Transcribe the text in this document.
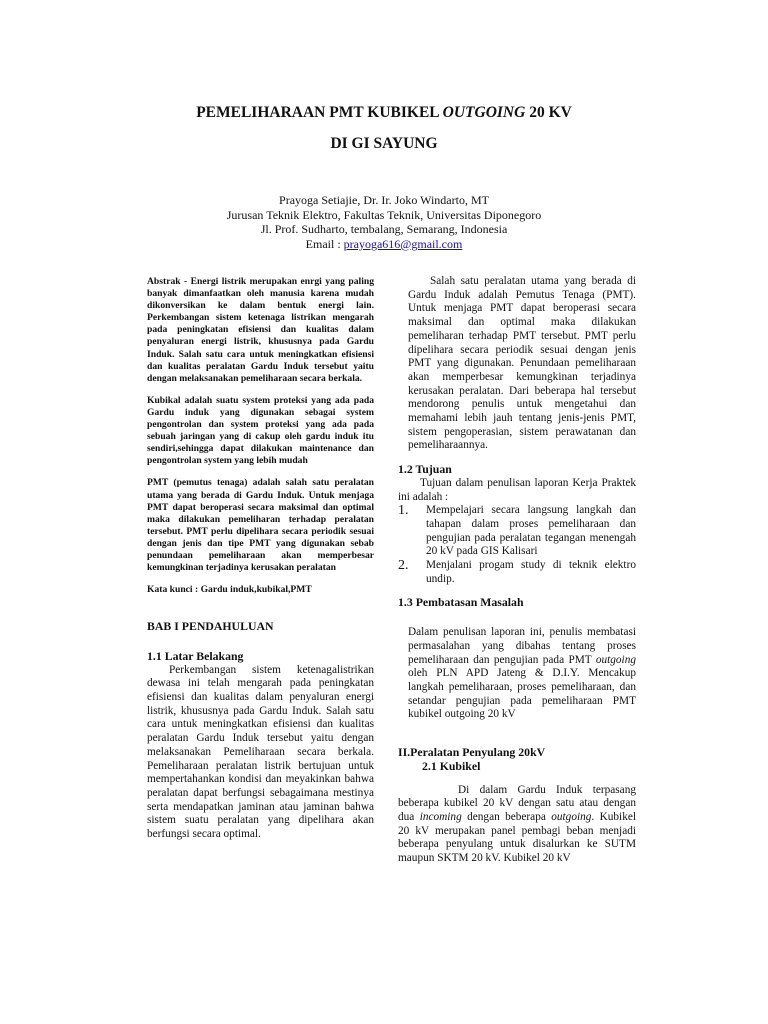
PEMELIHARAAN PMT KUBIKEL OUTGOING 20 KV
DI GI SAYUNG
Prayoga Setiajie, Dr. Ir. Joko Windarto, MT
Jurusan Teknik Elektro, Fakultas Teknik, Universitas Diponegoro
Jl. Prof. Sudharto, tembalang, Semarang, Indonesia
Email : prayoga616@gmail.com

Abstrak - Energi listrik merupakan enrgi yang paling banyak dimanfaatkan oleh manusia karena mudah dikonversikan ke dalam bentuk energi lain. Perkembangan sistem ketenaga listrikan mengarah pada peningkatan efisiensi dan kualitas dalam penyaluran energi listrik, khususnya pada Gardu Induk. Salah satu cara untuk meningkatkan efisiensi dan kualitas peralatan Gardu Induk tersebut yaitu dengan melaksanakan pemeliharaan secara berkala.

Kubikal adalah suatu system proteksi yang ada pada Gardu induk yang digunakan sebagai system pengontrolan dan system proteksi yang ada pada sebuah jaringan yang di cakup oleh gardu induk itu sendiri,sehingga dapat dilakukan maintenance dan pengontrolan system yang lebih mudah

PMT (pemutus tenaga) adalah salah satu peralatan utama yang berada di Gardu Induk. Untuk menjaga PMT dapat beroperasi secara maksimal dan optimal maka dilakukan pemeliharan terhadap peralatan tersebut. PMT perlu dipelihara secara periodik sesuai dengan jenis dan tipe PMT yang digunakan sebab penundaan pemeliharaan akan memperbesar kemungkinan terjadinya kerusakan peralatan

Kata kunci : Gardu induk,kubikal,PMT

BAB I PENDAHULUAN

1.1 Latar Belakang

Perkembangan sistem ketenagalistrikan dewasa ini telah mengarah pada peningkatan efisiensi dan kualitas dalam penyaluran energi listrik, khususnya pada Gardu Induk. Salah satu cara untuk meningkatkan efisiensi dan kualitas peralatan Gardu Induk tersebut yaitu dengan melaksanakan Pemeliharaan secara berkala. Pemeliharaan peralatan listrik bertujuan untuk mempertahankan kondisi dan meyakinkan bahwa peralatan dapat berfungsi sebagaimana mestinya serta mendapatkan jaminan atau jaminan bahwa sistem suatu peralatan yang dipelihara akan berfungsi secara optimal.

Salah satu peralatan utama yang berada di Gardu Induk adalah Pemutus Tenaga (PMT). Untuk menjaga PMT dapat beroperasi secara maksimal dan optimal maka dilakukan pemeliharan terhadap PMT tersebut. PMT perlu dipelihara secara periodik sesuai dengan jenis PMT yang digunakan. Penundaan pemeliharaan akan memperbesar kemungkinan terjadinya kerusakan peralatan. Dari beberapa hal tersebut mendorong penulis untuk mengetahui dan memahami lebih jauh tentang jenis-jenis PMT, sistem pengoperasian, sistem perawatanan dan pemeliharaannya.

1.2 Tujuan

Tujuan dalam penulisan laporan Kerja Praktek ini adalah :

1.	Mempelajari secara langsung langkah dan tahapan dalam proses pemeliharaan dan pengujian pada peralatan tegangan menengah 20 kV pada GIS Kalisari
2.	Menjalani progam study di teknik elektro undip.

1.3 Pembatasan Masalah

Dalam penulisan laporan ini, penulis membatasi permasalahan yang dibahas tentang proses pemeliharaan dan pengujian pada PMT outgoing oleh PLN APD Jateng & D.I.Y. Mencakup langkah pemeliharaan, proses pemeliharaan, dan setandar pengujian pada pemeliharaan PMT kubikel outgoing 20 kV

II.Peralatan Penyulang 20kV

2.1 Kubikel

Di dalam Gardu Induk terpasang beberapa kubikel 20 kV dengan satu atau dengan dua incoming dengan beberapa outgoing. Kubikel 20 kV merupakan panel pembagi beban menjadi beberapa penyulang untuk disalurkan ke SUTM maupun SKTM 20 kV. Kubikel 20 kV
